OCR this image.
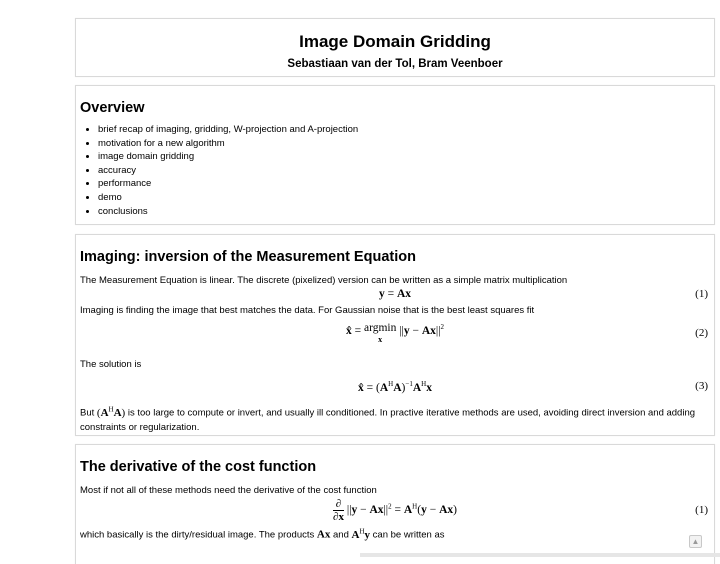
Image Domain Gridding
Sebastiaan van der Tol, Bram Veenboer
Overview
• brief recap of imaging, gridding, W-projection and A-projection
• motivation for a new algorithm
• image domain gridding
• accuracy
• performance
• demo
• conclusions
Imaging: inversion of the Measurement Equation

The Measurement Equation is linear. The discrete (pixelized) version can be written as a simple matrix multiplication

y = Ax	(1)

Imaging is finding the image that best matches the data. For Gaussian noise that is the best least squares fit

x̂ = argmin
x
$||y - Ax||^2$	(2)

The solution is

x̂ = $(A^HA)^{-1}A^Hx$	(3)

But $(A^HA)$ is too large to compute or invert, and usually ill conditioned. In practive iterative methods are used, avoiding direct inversion and adding constraints or regularization.

The derivative of the cost function

Most if not all of these methods need the derivative of the cost function

$\frac{\partial}{\partial x} ||y - Ax||^2 = A^H(y - Ax)$	(1)

which basically is the dirty/residual image. The products Ax and $A^Hy$ can be written as

▲
